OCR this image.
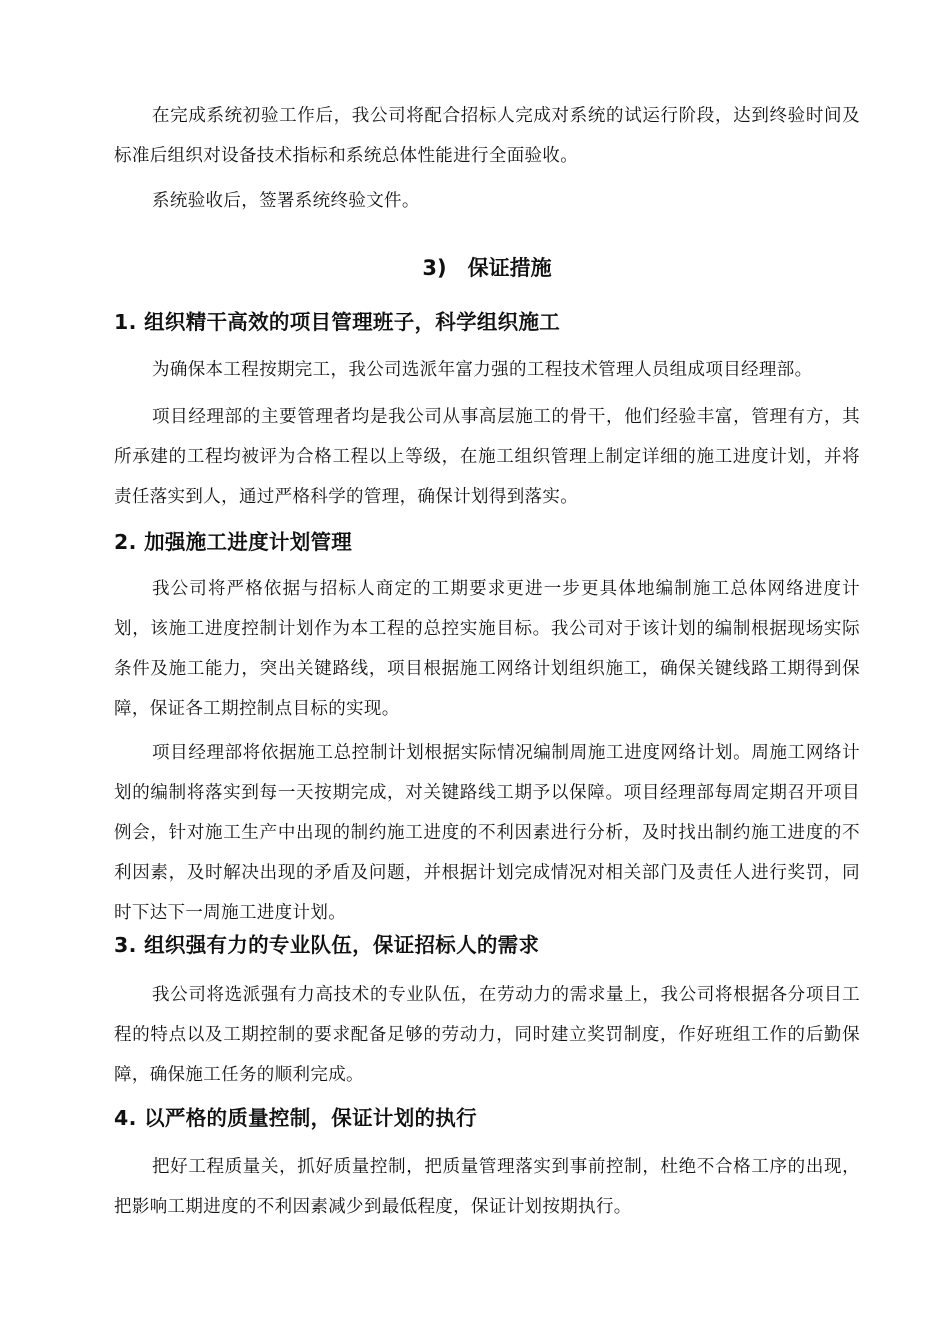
在完成系统初验工作后，我公司将配合招标人完成对系统的试运行阶段，达到终验时间及标准后组织对设备技术指标和系统总体性能进行全面验收。

系统验收后，签署系统终验文件。

3)　保证措施
1. 组织精干高效的项目管理班子，科学组织施工

为确保本工程按期完工，我公司选派年富力强的工程技术管理人员组成项目经理部。

项目经理部的主要管理者均是我公司从事高层施工的骨干，他们经验丰富，管理有方，其所承建的工程均被评为合格工程以上等级，在施工组织管理上制定详细的施工进度计划，并将责任落实到人，通过严格科学的管理，确保计划得到落实。

2. 加强施工进度计划管理

我公司将严格依据与招标人商定的工期要求更进一步更具体地编制施工总体网络进度计划，该施工进度控制计划作为本工程的总控实施目标。我公司对于该计划的编制根据现场实际条件及施工能力，突出关键路线，项目根据施工网络计划组织施工，确保关键线路工期得到保障，保证各工期控制点目标的实现。

项目经理部将依据施工总控制计划根据实际情况编制周施工进度网络计划。周施工网络计划的编制将落实到每一天按期完成，对关键路线工期予以保障。项目经理部每周定期召开项目例会，针对施工生产中出现的制约施工进度的不利因素进行分析，及时找出制约施工进度的不利因素，及时解决出现的矛盾及问题，并根据计划完成情况对相关部门及责任人进行奖罚，同时下达下一周施工进度计划。

3. 组织强有力的专业队伍，保证招标人的需求

我公司将选派强有力高技术的专业队伍，在劳动力的需求量上，我公司将根据各分项目工程的特点以及工期控制的要求配备足够的劳动力，同时建立奖罚制度，作好班组工作的后勤保障，确保施工任务的顺利完成。

4. 以严格的质量控制，保证计划的执行

把好工程质量关，抓好质量控制，把质量管理落实到事前控制，杜绝不合格工序的出现，把影响工期进度的不利因素减少到最低程度，保证计划按期执行。
